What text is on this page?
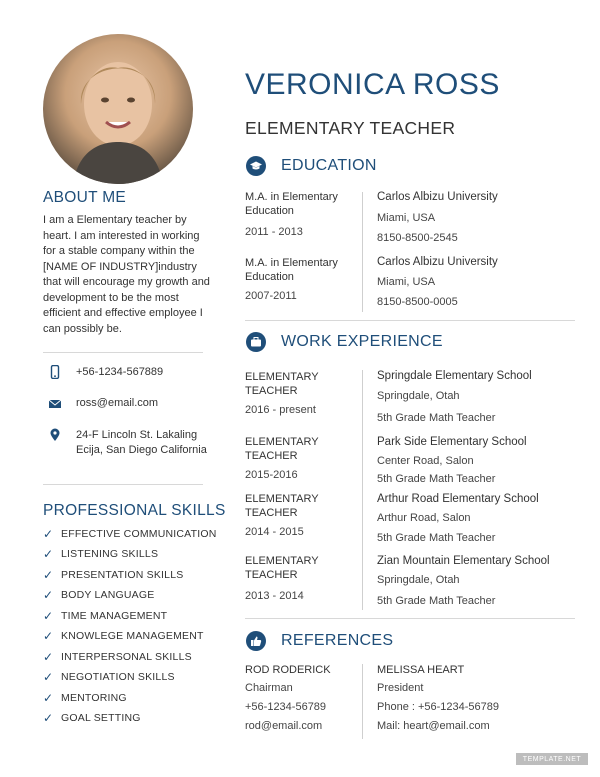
ABOUT ME
I am a Elementary teacher by heart. I am interested in working for a stable company within the [NAME OF INDUSTRY]industry that will encourage my growth and development to be the most efficient and effective employee I can possibly be.
+56-1234-567889
ross@email.com
24-F Lincoln St. Lakaling Ecija, San Diego California
PROFESSIONAL SKILLS
✓ EFFECTIVE COMMUNICATION
✓ LISTENING SKILLS
✓ PRESENTATION SKILLS
✓ BODY LANGUAGE
✓ TIME MANAGEMENT
✓ KNOWLEGE MANAGEMENT
✓ INTERPERSONAL SKILLS
✓ NEGOTIATION SKILLS
✓ MENTORING
✓ GOAL SETTING
VERONICA ROSS
ELEMENTARY TEACHER
EDUCATION
M.A. in Elementary Education
2011 - 2013
Carlos Albizu University
Miami, USA
8150-8500-2545
M.A. in Elementary Education
2007-2011
Carlos Albizu University
Miami, USA
8150-8500-0005
WORK EXPERIENCE
ELEMENTARY TEACHER
2016 - present
Springdale Elementary School
Springdale, Otah
5th Grade Math Teacher
ELEMENTARY TEACHER
2015-2016
Park Side Elementary School
Center Road, Salon
5th Grade Math Teacher
ELEMENTARY TEACHER
2014 - 2015
Arthur Road Elementary School
Arthur Road, Salon
5th Grade Math Teacher
ELEMENTARY TEACHER
2013 - 2014
Zian Mountain Elementary School
Springdale, Otah
5th Grade Math Teacher
REFERENCES
ROD RODERICK
Chairman
+56-1234-56789
rod@email.com
MELISSA HEART
President
Phone : +56-1234-56789
Mail: heart@email.com
TEMPLATE.NET
